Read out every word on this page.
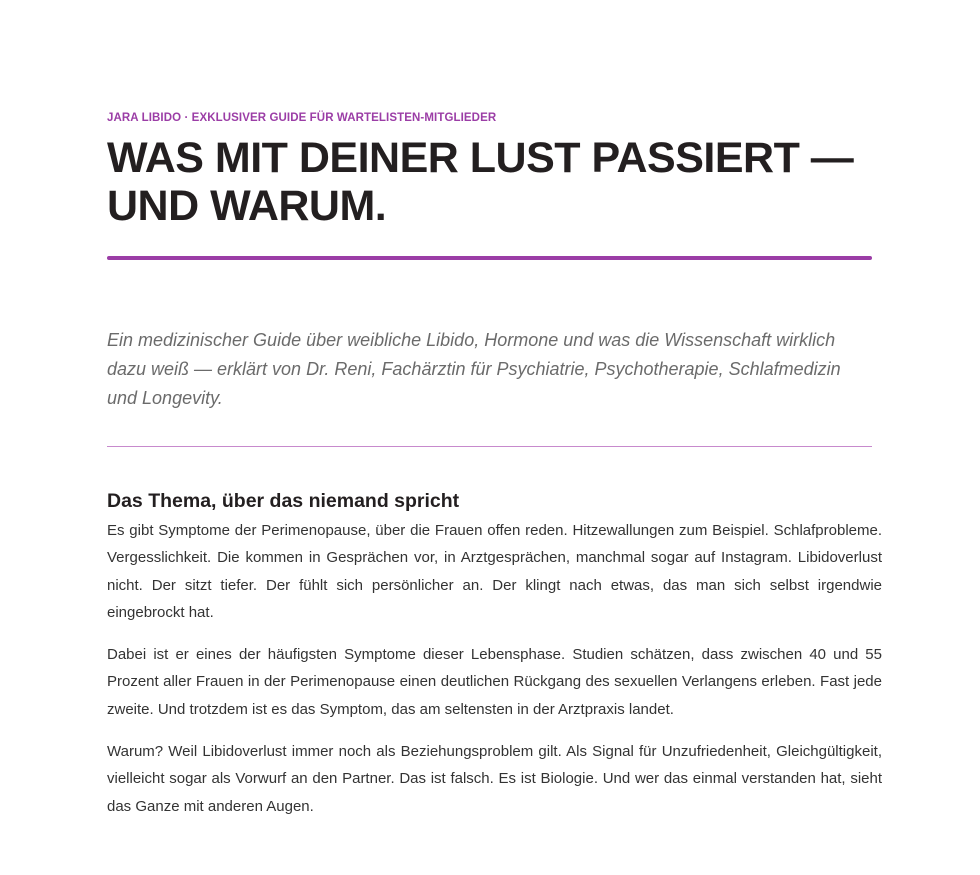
JARA LIBIDO · EXKLUSIVER GUIDE FÜR WARTELISTEN-MITGLIEDER

WAS MIT DEINER LUST PASSIERT —
UND WARUM.

Ein medizinischer Guide über weibliche Libido, Hormone und was die Wissenschaft wirklich dazu weiß — erklärt von Dr. Reni, Fachärztin für Psychiatrie, Psychotherapie, Schlafmedizin und Longevity.

Das Thema, über das niemand spricht

Es gibt Symptome der Perimenopause, über die Frauen offen reden. Hitzewallungen zum Beispiel. Schlafprobleme. Vergesslichkeit. Die kommen in Gesprächen vor, in Arztgesprächen, manchmal sogar auf Instagram. Libidoverlust nicht. Der sitzt tiefer. Der fühlt sich persönlicher an. Der klingt nach etwas, das man sich selbst irgendwie eingebrockt hat.

Dabei ist er eines der häufigsten Symptome dieser Lebensphase. Studien schätzen, dass zwischen 40 und 55 Prozent aller Frauen in der Perimenopause einen deutlichen Rückgang des sexuellen Verlangens erleben. Fast jede zweite. Und trotzdem ist es das Symptom, das am seltensten in der Arztpraxis landet.

Warum? Weil Libidoverlust immer noch als Beziehungsproblem gilt. Als Signal für Unzufriedenheit, Gleichgültigkeit, vielleicht sogar als Vorwurf an den Partner. Das ist falsch. Es ist Biologie. Und wer das einmal verstanden hat, sieht das Ganze mit anderen Augen.
